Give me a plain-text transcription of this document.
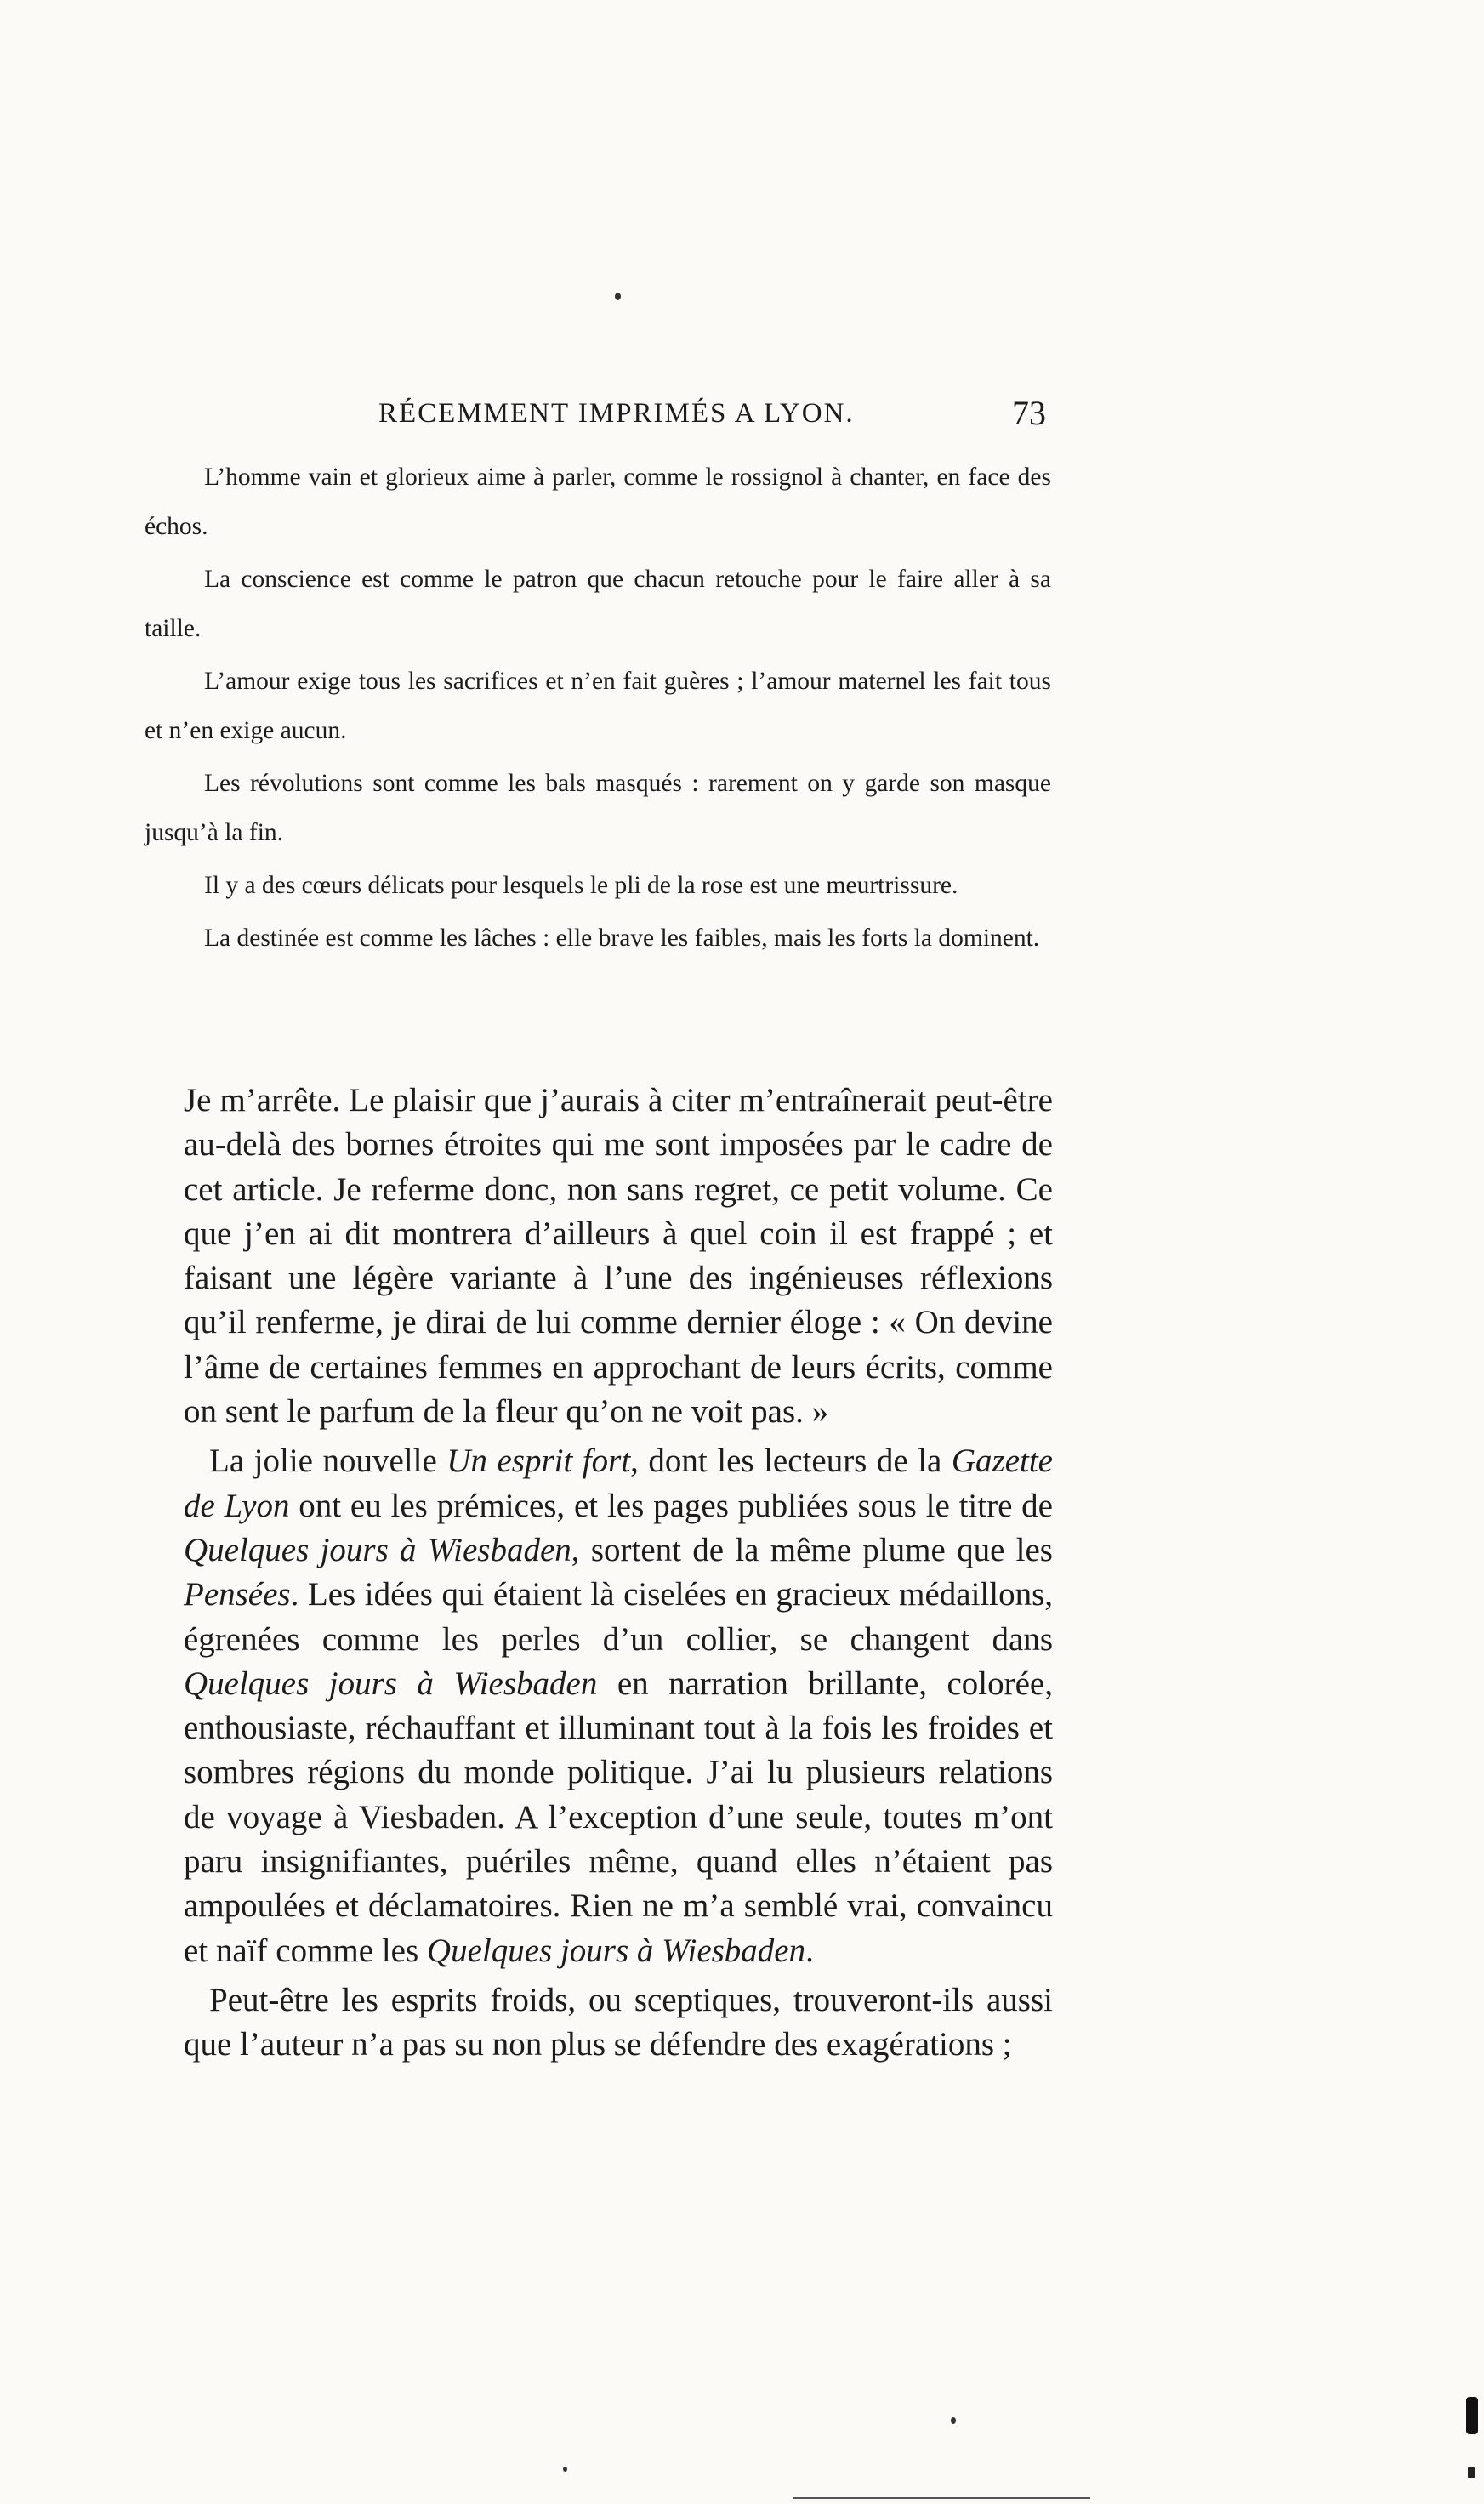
RÉCEMMENT IMPRIMÉS A LYON.	73

L’homme vain et glorieux aime à parler, comme le rossignol à chanter, en face des échos.

La conscience est comme le patron que chacun retouche pour le faire aller à sa taille.

L’amour exige tous les sacrifices et n’en fait guères ; l’amour maternel les fait tous et n’en exige aucun.

Les révolutions sont comme les bals masqués : rarement on y garde son masque jusqu’à la fin.

Il y a des cœurs délicats pour lesquels le pli de la rose est une meurtrissure.

La destinée est comme les lâches : elle brave les faibles, mais les forts la dominent.

Je m’arrête. Le plaisir que j’aurais à citer m’entraînerait peut-être au-delà des bornes étroites qui me sont imposées par le cadre de cet article. Je referme donc, non sans regret, ce petit volume. Ce que j’en ai dit montrera d’ailleurs à quel coin il est frappé ; et faisant une légère variante à l’une des ingénieuses réflexions qu’il renferme, je dirai de lui comme dernier éloge : « On devine l’âme de certaines femmes en approchant de leurs écrits, comme on sent le parfum de la fleur qu’on ne voit pas. »

La jolie nouvelle Un esprit fort, dont les lecteurs de la Gazette de Lyon ont eu les prémices, et les pages publiées sous le titre de Quelques jours à Wiesbaden, sortent de la même plume que les Pensées. Les idées qui étaient là ciselées en gracieux médaillons, égrenées comme les perles d’un collier, se changent dans Quelques jours à Wiesbaden en narration brillante, colorée, enthousiaste, réchauffant et illuminant tout à la fois les froides et sombres régions du monde politique. J’ai lu plusieurs relations de voyage à Viesbaden. A l’exception d’une seule, toutes m’ont paru insignifiantes, puériles même, quand elles n’étaient pas ampoulées et déclamatoires. Rien ne m’a semblé vrai, convaincu et naïf comme les Quelques jours à Wiesbaden.

Peut-être les esprits froids, ou sceptiques, trouveront-ils aussi que l’auteur n’a pas su non plus se défendre des exagérations ;
